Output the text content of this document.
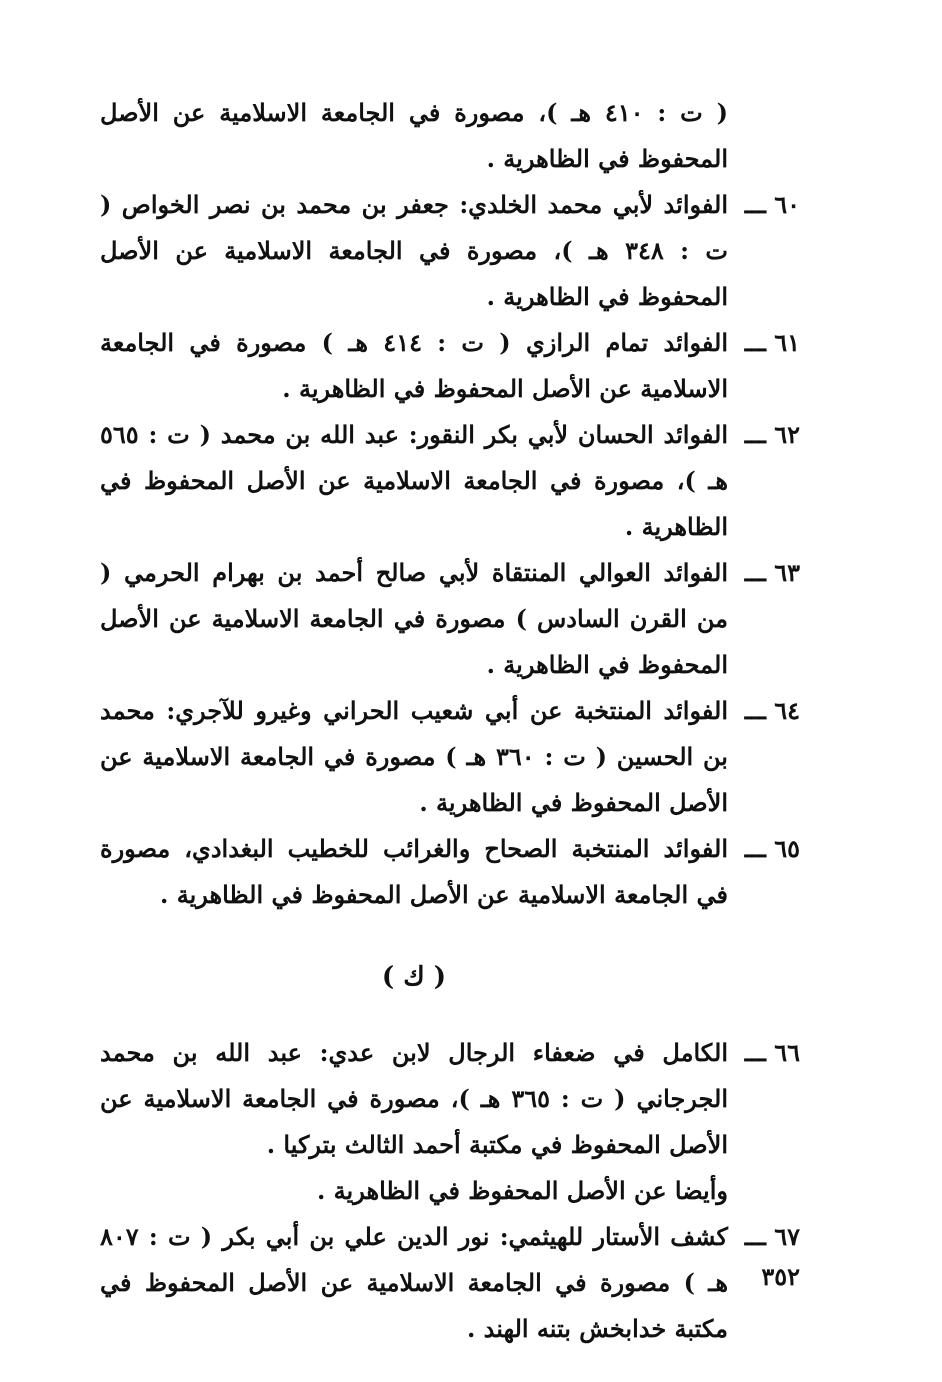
( ت : ٤١٠ هـ )، مصورة في الجامعة الاسلامية عن الأصل المحفوظ في الظاهرية .

٦٠ ـــ
الفوائد لأبي محمد الخلدي: جعفر بن محمد بن نصر الخواص ( ت : ٣٤٨ هـ )، مصورة في الجامعة الاسلامية عن الأصل المحفوظ في الظاهرية .

٦١ ـــ
الفوائد تمام الرازي ( ت : ٤١٤ هـ ) مصورة في الجامعة الاسلامية عن الأصل المحفوظ في الظاهرية .

٦٢ ـــ
الفوائد الحسان لأبي بكر النقور: عبد الله بن محمد ( ت : ٥٦٥ هـ )، مصورة في الجامعة الاسلامية عن الأصل المحفوظ في الظاهرية .

٦٣ ـــ
الفوائد العوالي المنتقاة لأبي صالح أحمد بن بهرام الحرمي ( من القرن السادس ) مصورة في الجامعة الاسلامية عن الأصل المحفوظ في الظاهرية .

٦٤ ـــ
الفوائد المنتخبة عن أبي شعيب الحراني وغيرو للآجري: محمد بن الحسين ( ت : ٣٦٠ هـ ) مصورة في الجامعة الاسلامية عن الأصل المحفوظ في الظاهرية .

٦٥ ـــ
الفوائد المنتخبة الصحاح والغرائب للخطيب البغدادي، مصورة في الجامعة الاسلامية عن الأصل المحفوظ في الظاهرية .

( ك )

٦٦ ـــ
الكامل في ضعفاء الرجال لابن عدي: عبد الله بن محمد الجرجاني ( ت : ٣٦٥ هـ )، مصورة في الجامعة الاسلامية عن الأصل المحفوظ في مكتبة أحمد الثالث بتركيا .
وأيضا عن الأصل المحفوظ في الظاهرية .

٦٧ ـــ
كشف الأستار للهيثمي: نور الدين علي بن أبي بكر ( ت : ٨٠٧ هـ ) مصورة في الجامعة الاسلامية عن الأصل المحفوظ في مكتبة خدابخش بتنه الهند .

٣٥٢
